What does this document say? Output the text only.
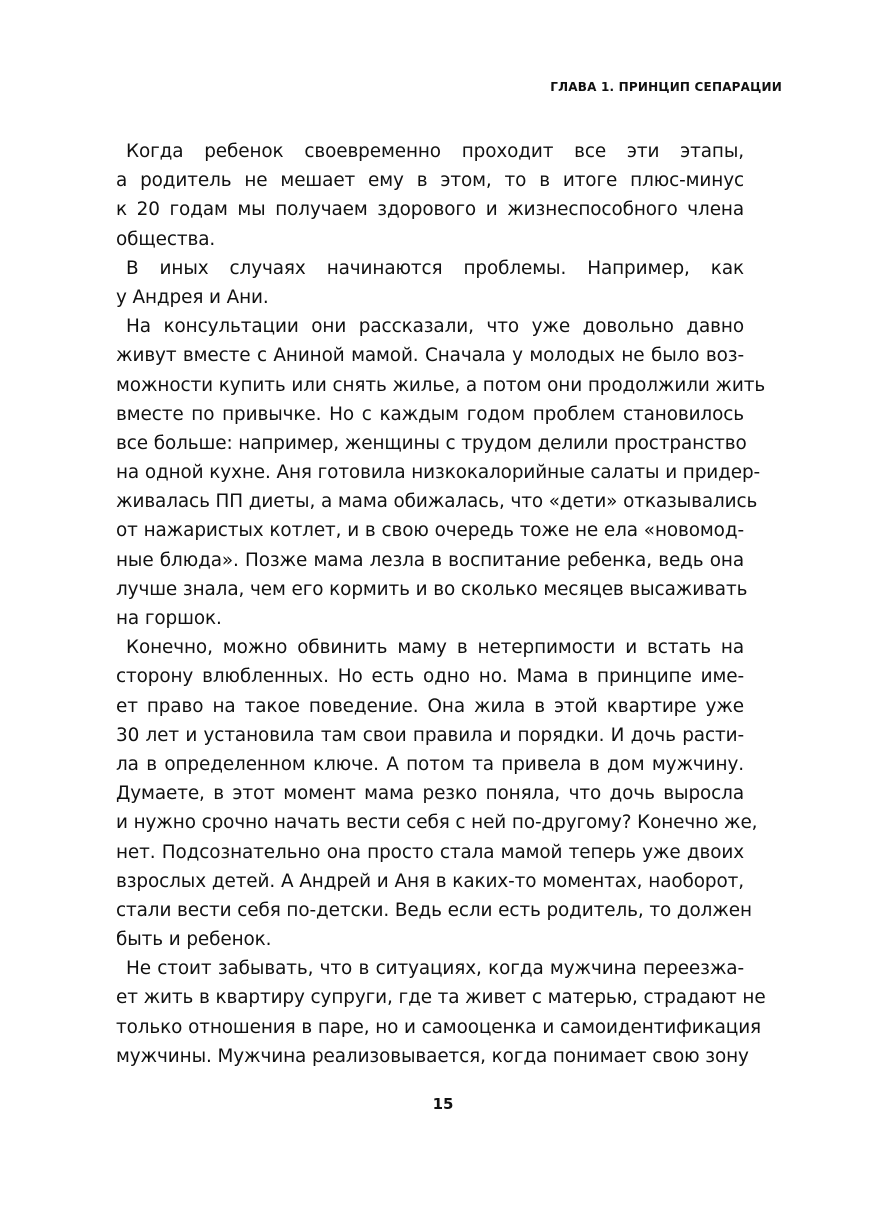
ГЛАВА 1. ПРИНЦИП СЕПАРАЦИИ
Когда ребенок своевременно проходит все эти этапы,
а родитель не мешает ему в этом, то в итоге плюс-минус
к 20 годам мы получаем здорового и жизнеспособного члена
общества.
В иных случаях начинаются проблемы. Например, как
у Андрея и Ани.
На консультации они рассказали, что уже довольно давно
живут вместе с Аниной мамой. Сначала у молодых не было воз-
можности купить или снять жилье, а потом они продолжили жить
вместе по привычке. Но с каждым годом проблем становилось
все больше: например, женщины с трудом делили пространство
на одной кухне. Аня готовила низкокалорийные салаты и придер-
живалась ПП диеты, а мама обижалась, что «дети» отказывались
от нажаристых котлет, и в свою очередь тоже не ела «новомод-
ные блюда». Позже мама лезла в воспитание ребенка, ведь она
лучше знала, чем его кормить и во сколько месяцев высаживать
на горшок.
Конечно, можно обвинить маму в нетерпимости и встать на
сторону влюбленных. Но есть одно но. Мама в принципе име-
ет право на такое поведение. Она жила в этой квартире уже
30 лет и установила там свои правила и порядки. И дочь расти-
ла в определенном ключе. А потом та привела в дом мужчину.
Думаете, в этот момент мама резко поняла, что дочь выросла
и нужно срочно начать вести себя с ней по-другому? Конечно же,
нет. Подсознательно она просто стала мамой теперь уже двоих
взрослых детей. А Андрей и Аня в каких-то моментах, наоборот,
стали вести себя по-детски. Ведь если есть родитель, то должен
быть и ребенок.
Не стоит забывать, что в ситуациях, когда мужчина переезжа-
ет жить в квартиру супруги, где та живет с матерью, страдают не
только отношения в паре, но и самооценка и самоидентификация
мужчины. Мужчина реализовывается, когда понимает свою зону
15
